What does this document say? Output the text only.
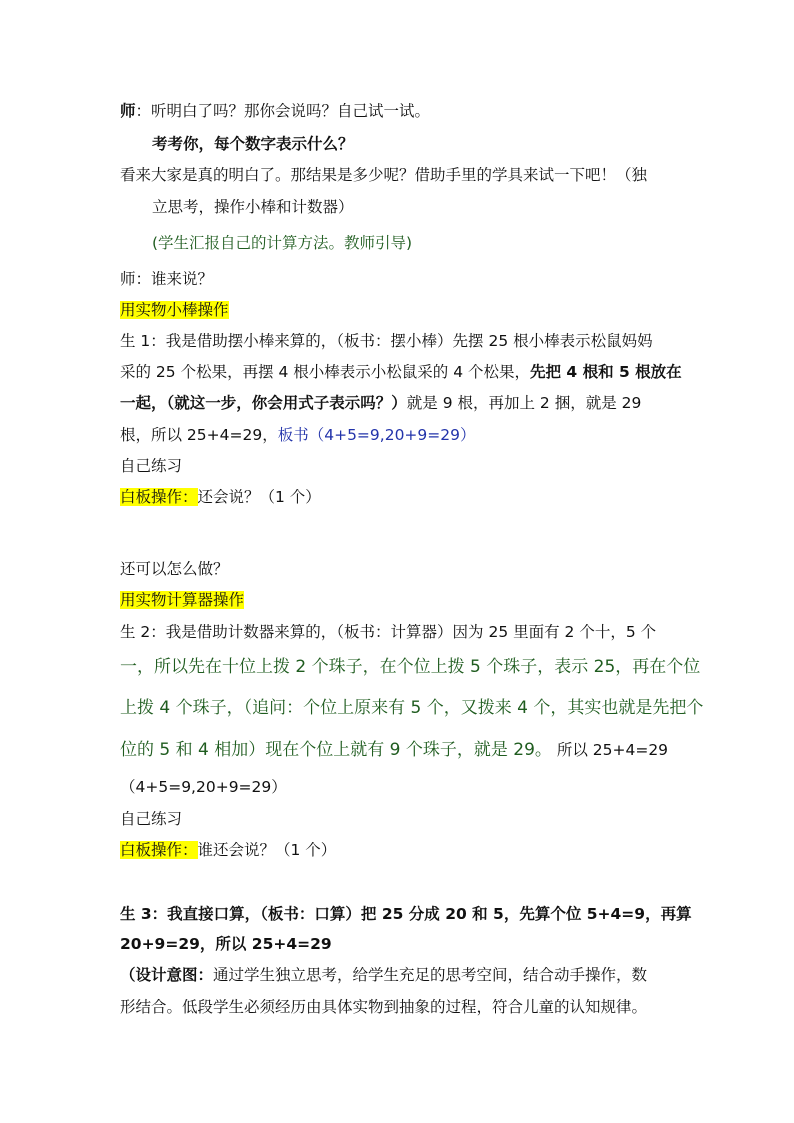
师：听明白了吗？那你会说吗？自己试一试。
考考你，每个数字表示什么？
看来大家是真的明白了。那结果是多少呢？借助手里的学具来试一下吧！（独
立思考，操作小棒和计数器）
(学生汇报自己的计算方法。教师引导)
师：谁来说？
用实物小棒操作
生 1：我是借助摆小棒来算的，（板书：摆小棒）先摆 25 根小棒表示松鼠妈妈
采的 25 个松果，再摆 4 根小棒表示小松鼠采的 4 个松果，先把 4 根和 5 根放在
一起，（就这一步，你会用式子表示吗？）就是 9 根，再加上 2 捆，就是 29
根，所以 25+4=29，板书（4+5=9,20+9=29）
自己练习
白板操作：还会说？（1 个）
还可以怎么做？
用实物计算器操作
生 2：我是借助计数器来算的，（板书：计算器）因为 25 里面有 2 个十，5 个
一，所以先在十位上拨 2 个珠子，在个位上拨 5 个珠子，表示 25，再在个位
上拨 4 个珠子，（追问：个位上原来有 5 个，又拨来 4 个，其实也就是先把个
位的 5 和 4 相加）现在个位上就有 9 个珠子，就是 29。 所以 25+4=29
（4+5=9,20+9=29）
自己练习
白板操作：谁还会说？（1 个）
生 3：我直接口算，（板书：口算）把 25 分成 20 和 5，先算个位 5+4=9，再算
20+9=29，所以 25+4=29
（设计意图：通过学生独立思考，给学生充足的思考空间，结合动手操作，数
形结合。低段学生必须经历由具体实物到抽象的过程，符合儿童的认知规律。
